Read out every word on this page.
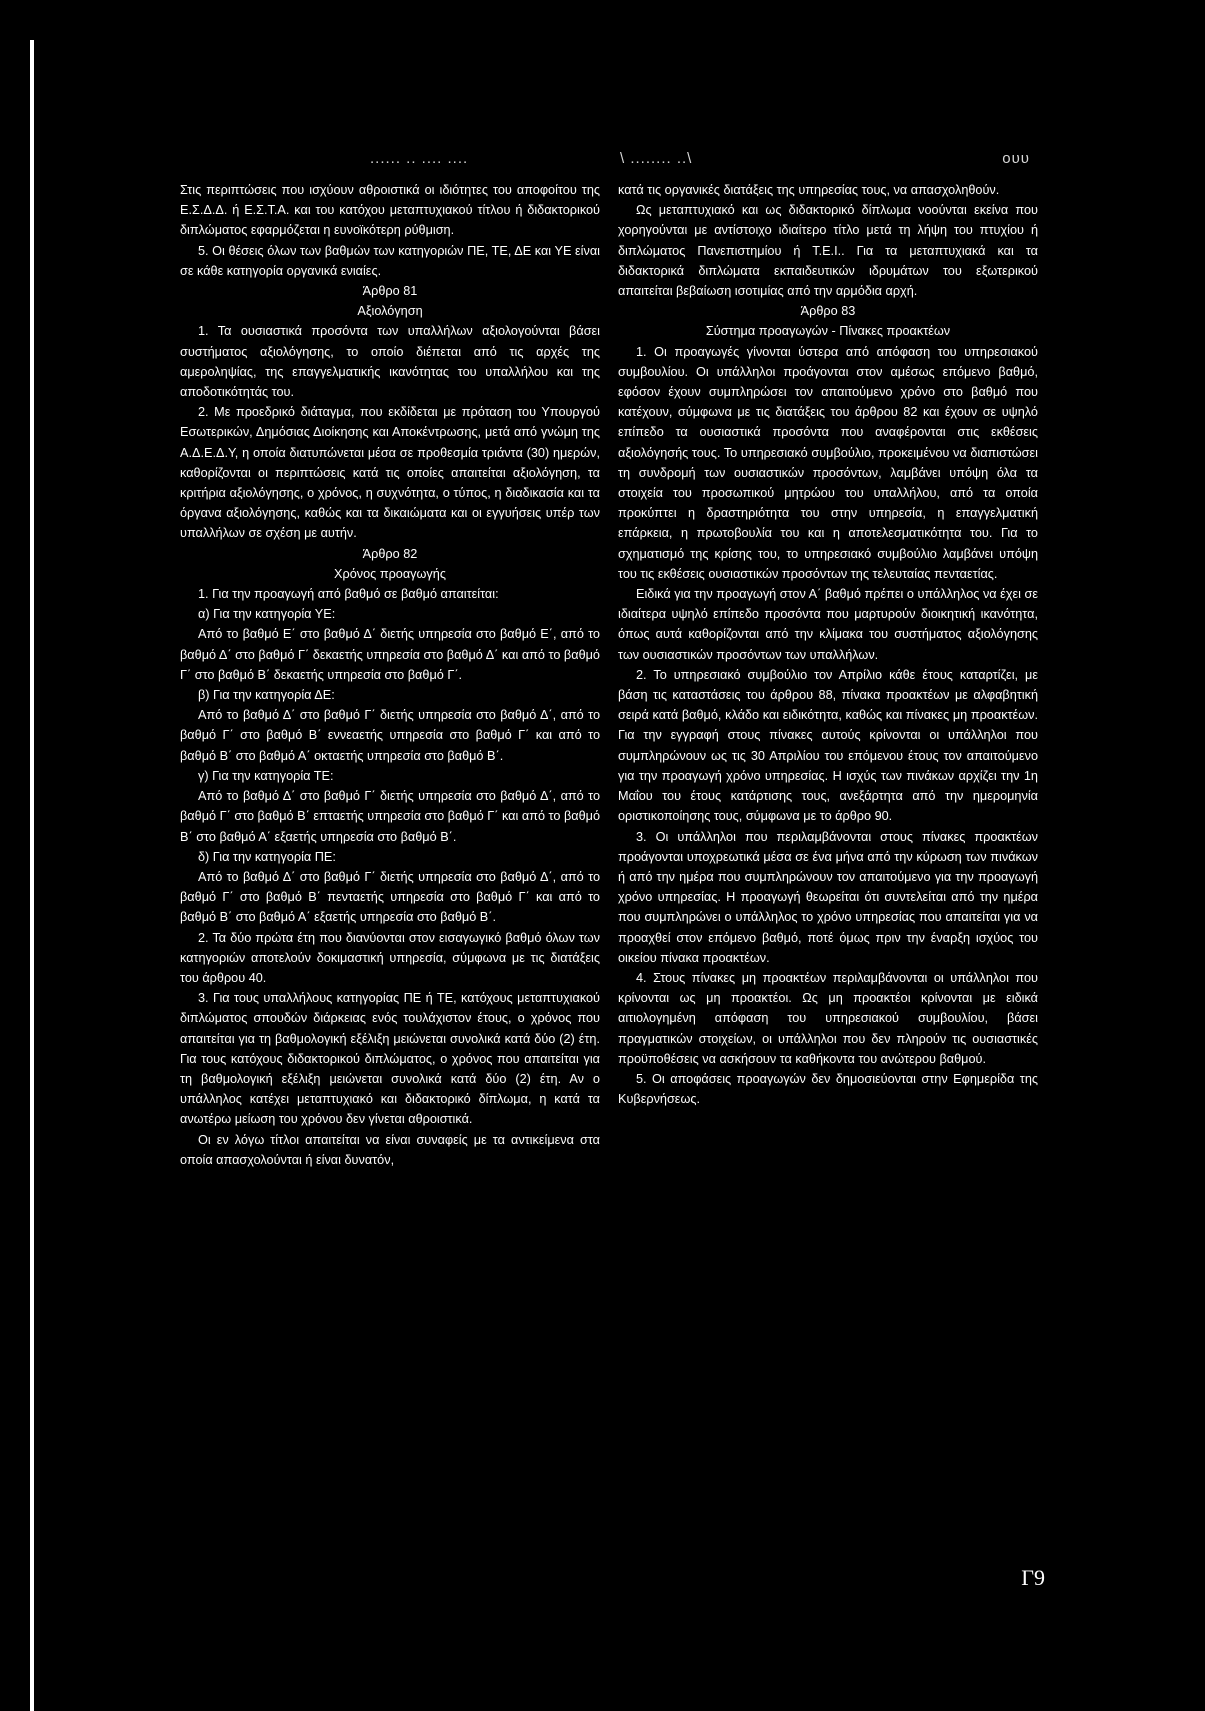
...... .. .... ....	\ ........ ..\	ουυ

Στις περιπτώσεις που ισχύουν αθροιστικά οι ιδιότητες του αποφοίτου της Ε.Σ.Δ.Δ. ή Ε.Σ.Τ.Α. και του κατόχου μεταπτυχιακού τίτλου ή διδακτορικού διπλώματος εφαρμόζεται η ευνοϊκότερη ρύθμιση.

5. Οι θέσεις όλων των βαθμών των κατηγοριών ΠΕ, ΤΕ, ΔΕ και ΥΕ είναι σε κάθε κατηγορία οργανικά ενιαίες.

Άρθρο 81

Αξιολόγηση

1. Τα ουσιαστικά προσόντα των υπαλλήλων αξιολογούνται βάσει συστήματος αξιολόγησης, το οποίο διέπεται από τις αρχές της αμεροληψίας, της επαγγελματικής ικανότητας του υπαλλήλου και της αποδοτικότητάς του.

2. Με προεδρικό διάταγμα, που εκδίδεται με πρόταση του Υπουργού Εσωτερικών, Δημόσιας Διοίκησης και Αποκέντρωσης, μετά από γνώμη της Α.Δ.Ε.Δ.Υ, η οποία διατυπώνεται μέσα σε προθεσμία τριάντα (30) ημερών, καθορίζονται οι περιπτώσεις κατά τις οποίες απαιτείται αξιολόγηση, τα κριτήρια αξιολόγησης, ο χρόνος, η συχνότητα, ο τύπος, η διαδικασία και τα όργανα αξιολόγησης, καθώς και τα δικαιώματα και οι εγγυήσεις υπέρ των υπαλλήλων σε σχέση με αυτήν.

Άρθρο 82

Χρόνος προαγωγής

1. Για την προαγωγή από βαθμό σε βαθμό απαιτείται:

α) Για την κατηγορία ΥΕ:

Από το βαθμό Ε΄ στο βαθμό Δ΄ διετής υπηρεσία στο βαθμό Ε΄, από το βαθμό Δ΄ στο βαθμό Γ΄ δεκαετής υπηρεσία στο βαθμό Δ΄ και από το βαθμό Γ΄ στο βαθμό Β΄ δεκαετής υπηρεσία στο βαθμό Γ΄.

β) Για την κατηγορία ΔΕ:

Από το βαθμό Δ΄ στο βαθμό Γ΄ διετής υπηρεσία στο βαθμό Δ΄, από το βαθμό Γ΄ στο βαθμό Β΄ εννεαετής υπηρεσία στο βαθμό Γ΄ και από το βαθμό Β΄ στο βαθμό Α΄ οκταετής υπηρεσία στο βαθμό Β΄.

γ) Για την κατηγορία ΤΕ:

Από το βαθμό Δ΄ στο βαθμό Γ΄ διετής υπηρεσία στο βαθμό Δ΄, από το βαθμό Γ΄ στο βαθμό Β΄ επταετής υπηρεσία στο βαθμό Γ΄ και από το βαθμό Β΄ στο βαθμό Α΄ εξαετής υπηρεσία στο βαθμό Β΄.

δ) Για την κατηγορία ΠΕ:

Από το βαθμό Δ΄ στο βαθμό Γ΄ διετής υπηρεσία στο βαθμό Δ΄, από το βαθμό Γ΄ στο βαθμό Β΄ πενταετής υπηρεσία στο βαθμό Γ΄ και από το βαθμό Β΄ στο βαθμό Α΄ εξαετής υπηρεσία στο βαθμό Β΄.

2. Τα δύο πρώτα έτη που διανύονται στον εισαγωγικό βαθμό όλων των κατηγοριών αποτελούν δοκιμαστική υπηρεσία, σύμφωνα με τις διατάξεις του άρθρου 40.

3. Για τους υπαλλήλους κατηγορίας ΠΕ ή ΤΕ, κατόχους μεταπτυχιακού διπλώματος σπουδών διάρκειας ενός τουλάχιστον έτους, ο χρόνος που απαιτείται για τη βαθμολογική εξέλιξη μειώνεται συνολικά κατά δύο (2) έτη. Για τους κατόχους διδακτορικού διπλώματος, ο χρόνος που απαιτείται για τη βαθμολογική εξέλιξη μειώνεται συνολικά κατά δύο (2) έτη. Αν ο υπάλληλος κατέχει μεταπτυχιακό και διδακτορικό δίπλωμα, η κατά τα ανωτέρω μείωση του χρόνου δεν γίνεται αθροιστικά.

Οι εν λόγω τίτλοι απαιτείται να είναι συναφείς με τα αντικείμενα στα οποία απασχολούνται ή είναι δυνατόν,

κατά τις οργανικές διατάξεις της υπηρεσίας τους, να απασχοληθούν.

Ως μεταπτυχιακό και ως διδακτορικό δίπλωμα νοούνται εκείνα που χορηγούνται με αντίστοιχο ιδιαίτερο τίτλο μετά τη λήψη του πτυχίου ή διπλώματος Πανεπιστημίου ή Τ.Ε.Ι.. Για τα μεταπτυχιακά και τα διδακτορικά διπλώματα εκπαιδευτικών ιδρυμάτων του εξωτερικού απαιτείται βεβαίωση ισοτιμίας από την αρμόδια αρχή.

Άρθρο 83

Σύστημα προαγωγών - Πίνακες προακτέων

1. Οι προαγωγές γίνονται ύστερα από απόφαση του υπηρεσιακού συμβουλίου. Οι υπάλληλοι προάγονται στον αμέσως επόμενο βαθμό, εφόσον έχουν συμπληρώσει τον απαιτούμενο χρόνο στο βαθμό που κατέχουν, σύμφωνα με τις διατάξεις του άρθρου 82 και έχουν σε υψηλό επίπεδο τα ουσιαστικά προσόντα που αναφέρονται στις εκθέσεις αξιολόγησής τους. Το υπηρεσιακό συμβούλιο, προκειμένου να διαπιστώσει τη συνδρομή των ουσιαστικών προσόντων, λαμβάνει υπόψη όλα τα στοιχεία του προσωπικού μητρώου του υπαλλήλου, από τα οποία προκύπτει η δραστηριότητα του στην υπηρεσία, η επαγγελματική επάρκεια, η πρωτοβουλία του και η αποτελεσματικότητα του. Για το σχηματισμό της κρίσης του, το υπηρεσιακό συμβούλιο λαμβάνει υπόψη του τις εκθέσεις ουσιαστικών προσόντων της τελευταίας πενταετίας.

Ειδικά για την προαγωγή στον Α΄ βαθμό πρέπει ο υπάλληλος να έχει σε ιδιαίτερα υψηλό επίπεδο προσόντα που μαρτυρούν διοικητική ικανότητα, όπως αυτά καθορίζονται από την κλίμακα του συστήματος αξιολόγησης των ουσιαστικών προσόντων των υπαλλήλων.

2. Το υπηρεσιακό συμβούλιο τον Απρίλιο κάθε έτους καταρτίζει, με βάση τις καταστάσεις του άρθρου 88, πίνακα προακτέων με αλφαβητική σειρά κατά βαθμό, κλάδο και ειδικότητα, καθώς και πίνακες μη προακτέων. Για την εγγραφή στους πίνακες αυτούς κρίνονται οι υπάλληλοι που συμπληρώνουν ως τις 30 Απριλίου του επόμενου έτους τον απαιτούμενο για την προαγωγή χρόνο υπηρεσίας. Η ισχύς των πινάκων αρχίζει την 1η Μαΐου του έτους κατάρτισης τους, ανεξάρτητα από την ημερομηνία οριστικοποίησης τους, σύμφωνα με το άρθρο 90.

3. Οι υπάλληλοι που περιλαμβάνονται στους πίνακες προακτέων προάγονται υποχρεωτικά μέσα σε ένα μήνα από την κύρωση των πινάκων ή από την ημέρα που συμπληρώνουν τον απαιτούμενο για την προαγωγή χρόνο υπηρεσίας. Η προαγωγή θεωρείται ότι συντελείται από την ημέρα που συμπληρώνει ο υπάλληλος το χρόνο υπηρεσίας που απαιτείται για να προαχθεί στον επόμενο βαθμό, ποτέ όμως πριν την έναρξη ισχύος του οικείου πίνακα προακτέων.

4. Στους πίνακες μη προακτέων περιλαμβάνονται οι υπάλληλοι που κρίνονται ως μη προακτέοι. Ως μη προακτέοι κρίνονται με ειδικά αιτιολογημένη απόφαση του υπηρεσιακού συμβουλίου, βάσει πραγματικών στοιχείων, οι υπάλληλοι που δεν πληρούν τις ουσιαστικές προϋποθέσεις να ασκήσουν τα καθήκοντα του ανώτερου βαθμού.

5. Οι αποφάσεις προαγωγών δεν δημοσιεύονται στην Εφημερίδα της Κυβερνήσεως.

Γ9
